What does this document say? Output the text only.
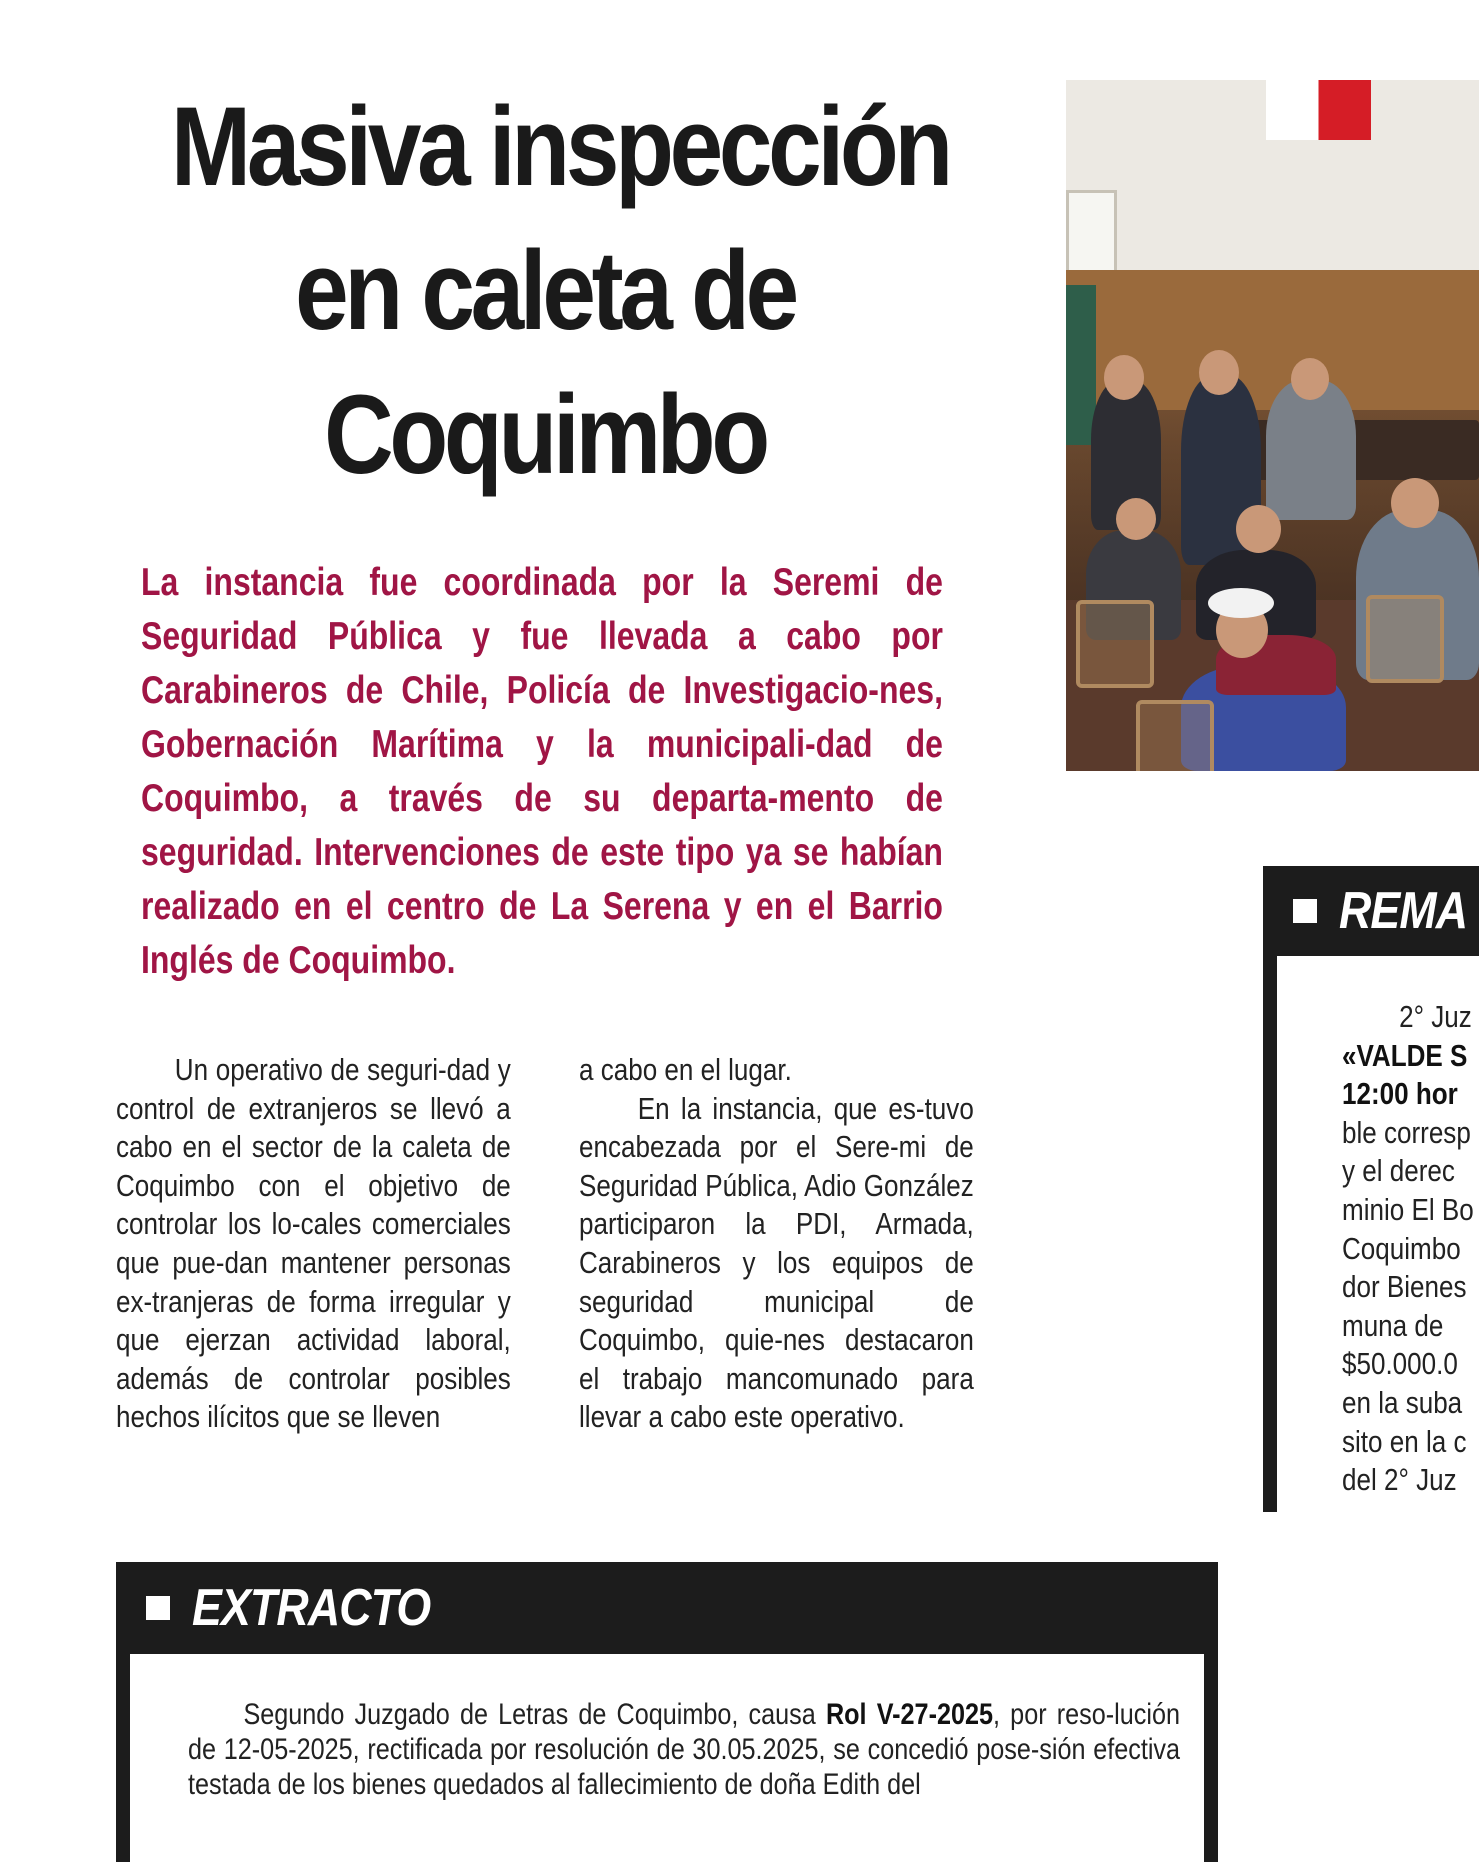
Masiva inspección
en caleta de
Coquimbo
La instancia fue coordinada por la Seremi de Seguridad Pública y fue llevada a cabo por Carabineros de Chile, Policía de Investigacio-nes, Gobernación Marítima y la municipali-dad de Coquimbo, a través de su departa-mento de seguridad. Intervenciones de este tipo ya se habían realizado en el centro de La Serena y en el Barrio Inglés de Coquimbo.

Un operativo de seguri-dad y control de extranjeros se llevó a cabo en el sector de la caleta de Coquimbo con el objetivo de controlar los lo-cales comerciales que pue-dan mantener personas ex-tranjeras de forma irregular y que ejerzan actividad laboral, además de controlar posibles hechos ilícitos que se lleven

a cabo en el lugar.

En la instancia, que es-tuvo encabezada por el Sere-mi de Seguridad Pública, Adio González participaron la PDI, Armada, Carabineros y los equipos de seguridad municipal de Coquimbo, quie-nes destacaron el trabajo mancomunado para llevar a cabo este operativo.

REMA
2° Juz
«VALDE S
12:00 hor
ble corresp
y el derec
minio El Bo
Coquimbo
dor Bienes
muna de
$50.000.0
en la suba
sito en la c
del 2° Juz
EXTRACTO
Segundo Juzgado de Letras de Coquimbo, causa Rol V-27-2025, por reso-lución de 12-05-2025, rectificada por resolución de 30.05.2025, se concedió pose-sión efectiva testada de los bienes quedados al fallecimiento de doña Edith del
